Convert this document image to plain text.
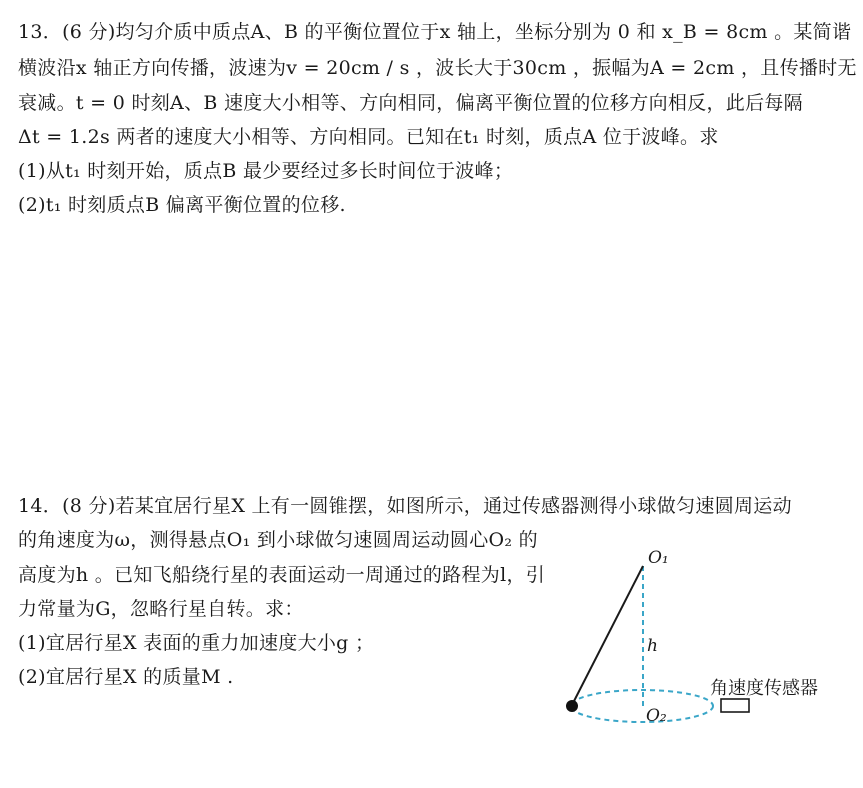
13．(6 分)均匀介质中质点A、B 的平衡位置位于x 轴上，坐标分别为 0 和 x_B = 8cm 。某简谐
横波沿x 轴正方向传播，波速为v = 20cm / s ，波长大于30cm ，振幅为A = 2cm ，且传播时无
衰减。t = 0 时刻A、B 速度大小相等、方向相同，偏离平衡位置的位移方向相反，此后每隔
Δt = 1.2s 两者的速度大小相等、方向相同。已知在t₁ 时刻，质点A 位于波峰。求
(1)从t₁ 时刻开始，质点B 最少要经过多长时间位于波峰；
(2)t₁ 时刻质点B 偏离平衡位置的位移.
14．(8 分)若某宜居行星X 上有一圆锥摆，如图所示，通过传感器测得小球做匀速圆周运动
的角速度为ω，测得悬点O₁ 到小球做匀速圆周运动圆心O₂ 的
高度为h 。已知飞船绕行星的表面运动一周通过的路程为l，引
力常量为G，忽略行星自转。求：
(1)宜居行星X 表面的重力加速度大小g ；
(2)宜居行星X 的质量M .
O₁
h
O₂
角速度传感器
